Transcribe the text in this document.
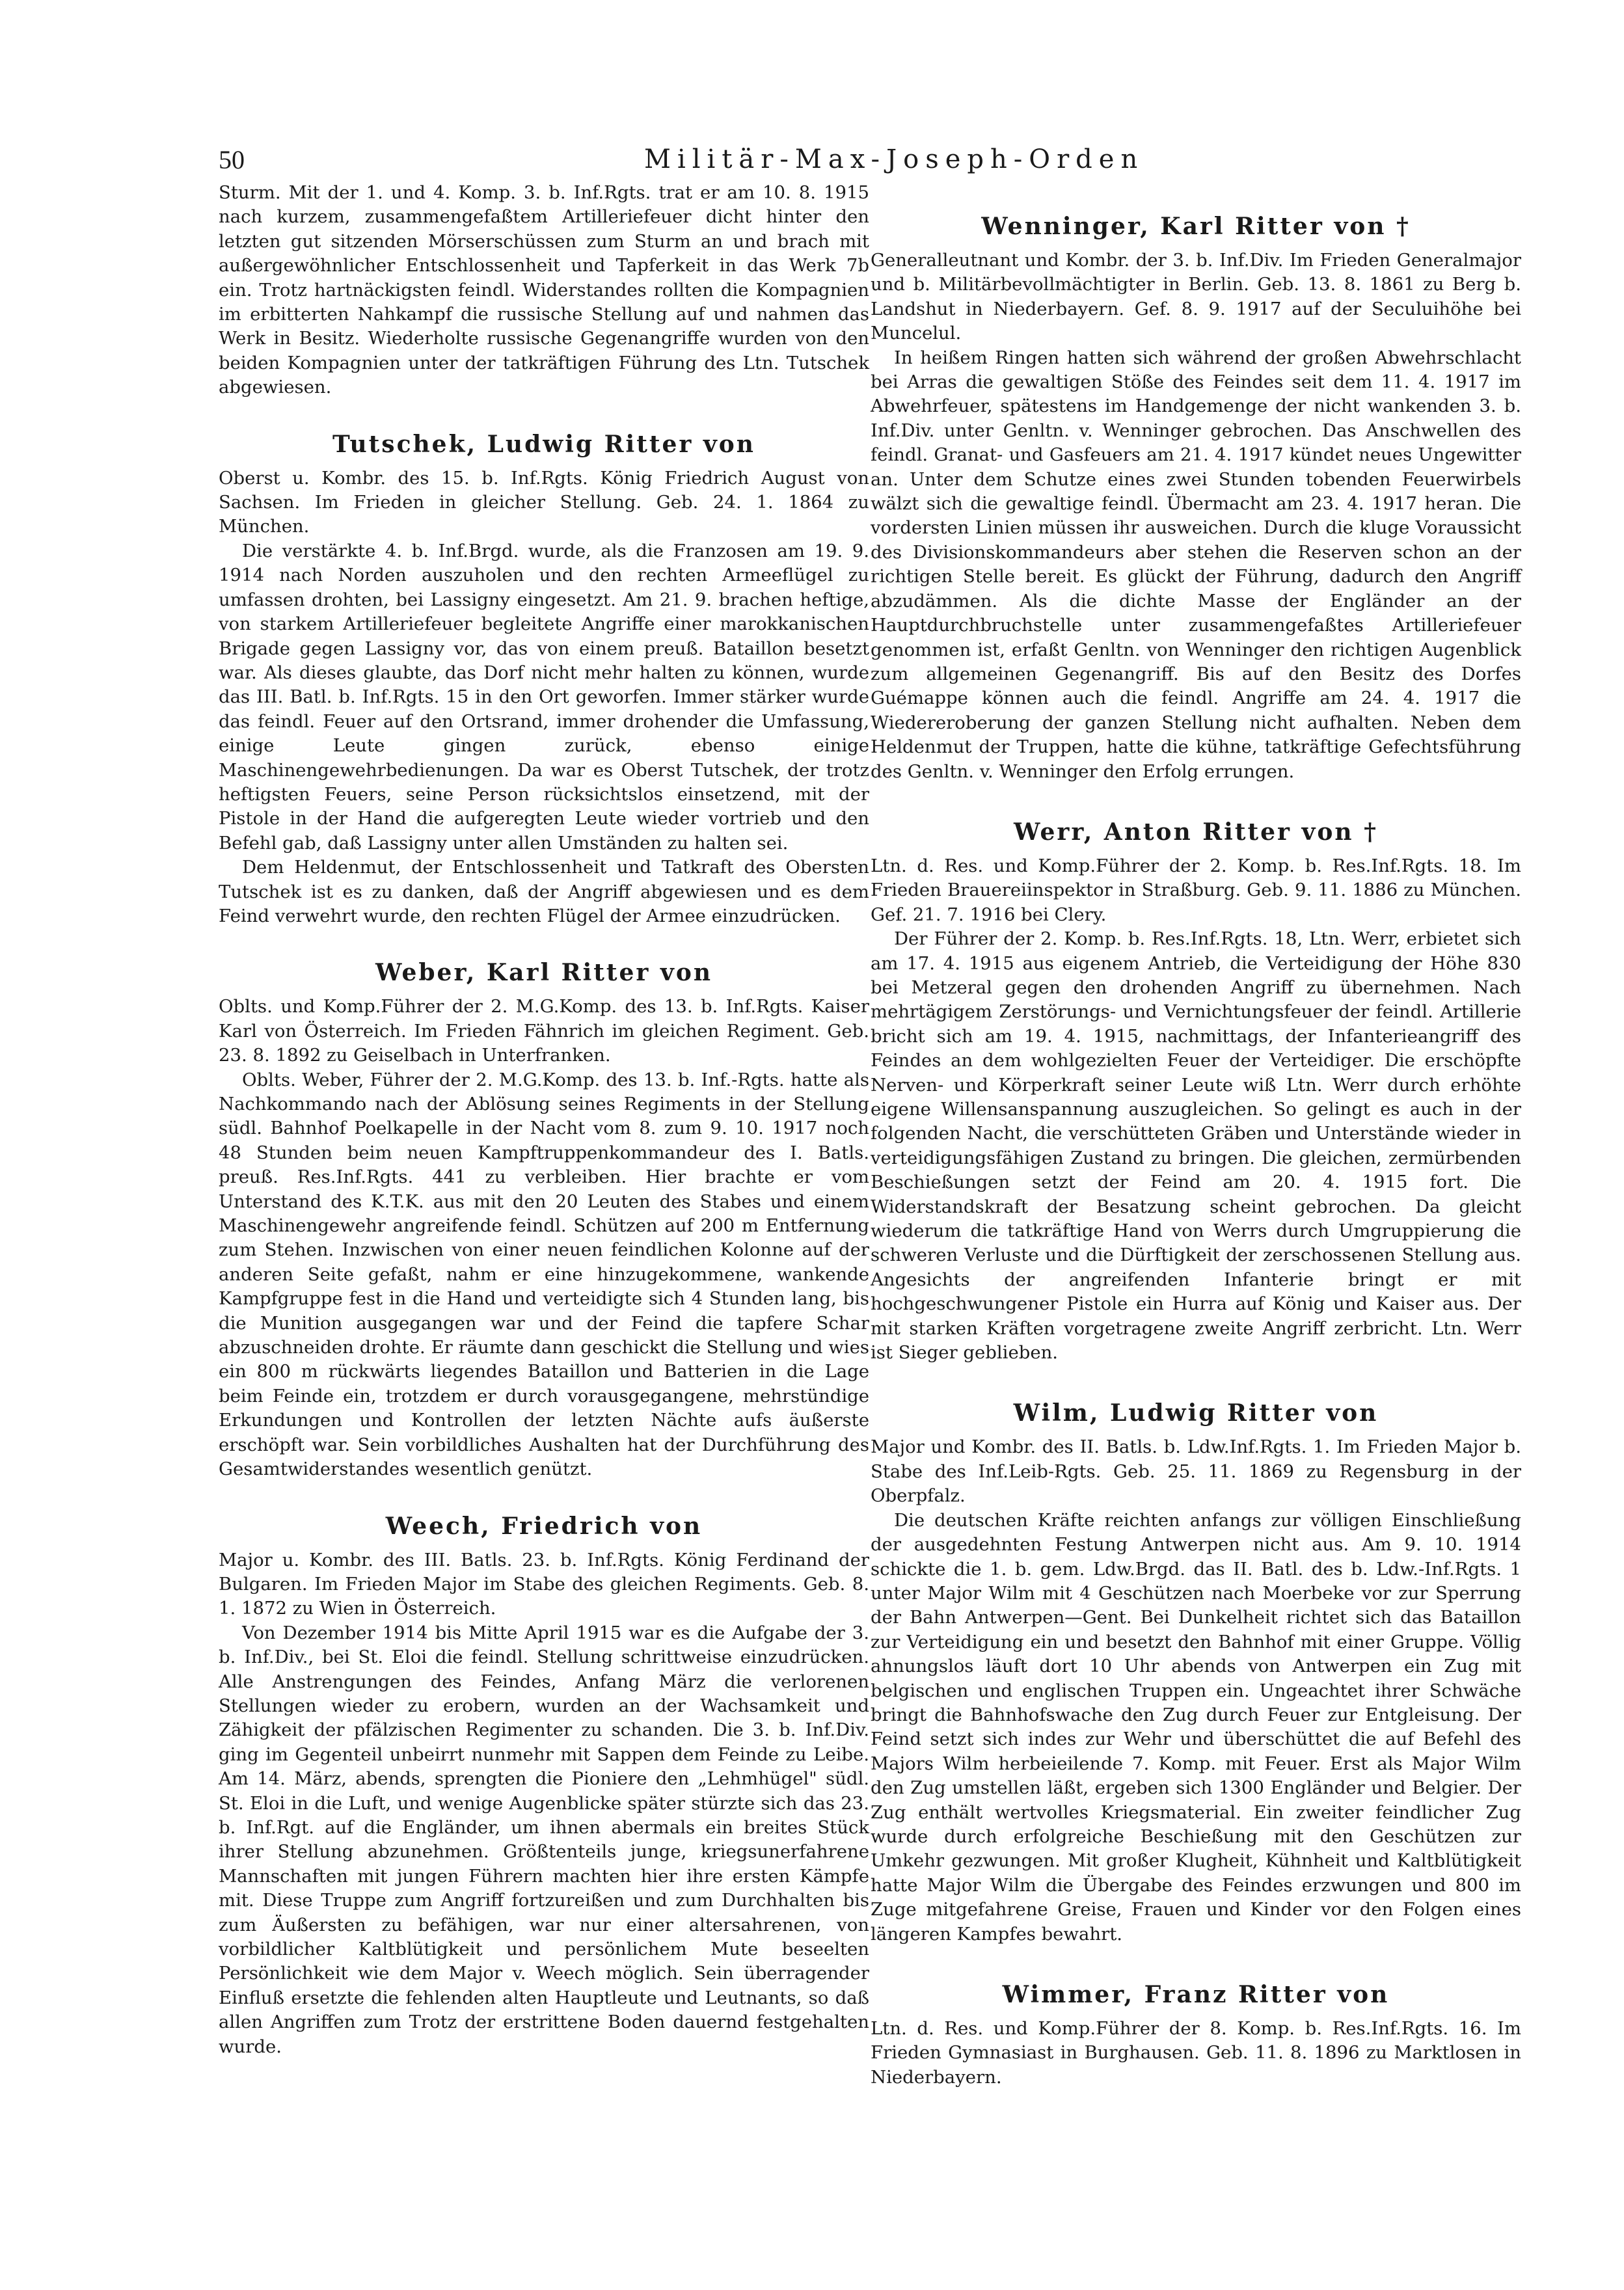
50	Militär-Max-Joseph-Orden

Sturm. Mit der 1. und 4. Komp. 3. b. Inf.Rgts. trat er am 10. 8. 1915 nach kurzem, zusammengefaßtem Artilleriefeuer dicht hinter den letzten gut sitzenden Mörserschüssen zum Sturm an und brach mit außergewöhnlicher Entschlossenheit und Tapferkeit in das Werk 7b ein. Trotz hartnäckigsten feindl. Widerstandes rollten die Kompagnien im erbitterten Nahkampf die russische Stellung auf und nahmen das Werk in Besitz. Wiederholte russische Gegenangriffe wurden von den beiden Kompagnien unter der tatkräftigen Führung des Ltn. Tutschek abgewiesen.

Tutschek, Ludwig Ritter von

Oberst u. Kombr. des 15. b. Inf.Rgts. König Friedrich August von Sachsen. Im Frieden in gleicher Stellung. Geb. 24. 1. 1864 zu München.

Die verstärkte 4. b. Inf.Brgd. wurde, als die Franzosen am 19. 9. 1914 nach Norden auszuholen und den rechten Armeeflügel zu umfassen drohten, bei Lassigny eingesetzt. Am 21. 9. brachen heftige, von starkem Artilleriefeuer begleitete Angriffe einer marokkanischen Brigade gegen Lassigny vor, das von einem preuß. Bataillon besetzt war. Als dieses glaubte, das Dorf nicht mehr halten zu können, wurde das III. Batl. b. Inf.Rgts. 15 in den Ort geworfen. Immer stärker wurde das feindl. Feuer auf den Ortsrand, immer drohender die Umfassung, einige Leute gingen zurück, ebenso einige Maschinengewehrbedienungen. Da war es Oberst Tutschek, der trotz heftigsten Feuers, seine Person rücksichtslos einsetzend, mit der Pistole in der Hand die aufgeregten Leute wieder vortrieb und den Befehl gab, daß Lassigny unter allen Umständen zu halten sei.

Dem Heldenmut, der Entschlossenheit und Tatkraft des Obersten Tutschek ist es zu danken, daß der Angriff abgewiesen und es dem Feind verwehrt wurde, den rechten Flügel der Armee einzudrücken.

Weber, Karl Ritter von

Oblts. und Komp.Führer der 2. M.G.Komp. des 13. b. Inf.Rgts. Kaiser Karl von Österreich. Im Frieden Fähnrich im gleichen Regiment. Geb. 23. 8. 1892 zu Geiselbach in Unterfranken.

Oblts. Weber, Führer der 2. M.G.Komp. des 13. b. Inf.-Rgts. hatte als Nachkommando nach der Ablösung seines Regiments in der Stellung südl. Bahnhof Poelkapelle in der Nacht vom 8. zum 9. 10. 1917 noch 48 Stunden beim neuen Kampftruppenkommandeur des I. Batls. preuß. Res.Inf.Rgts. 441 zu verbleiben. Hier brachte er vom Unterstand des K.T.K. aus mit den 20 Leuten des Stabes und einem Maschinengewehr angreifende feindl. Schützen auf 200 m Entfernung zum Stehen. Inzwischen von einer neuen feindlichen Kolonne auf der anderen Seite gefaßt, nahm er eine hinzugekommene, wankende Kampfgruppe fest in die Hand und verteidigte sich 4 Stunden lang, bis die Munition ausgegangen war und der Feind die tapfere Schar abzuschneiden drohte. Er räumte dann geschickt die Stellung und wies ein 800 m rückwärts liegendes Bataillon und Batterien in die Lage beim Feinde ein, trotzdem er durch vorausgegangene, mehrstündige Erkundungen und Kontrollen der letzten Nächte aufs äußerste erschöpft war. Sein vorbildliches Aushalten hat der Durchführung des Gesamtwiderstandes wesentlich genützt.

Weech, Friedrich von

Major u. Kombr. des III. Batls. 23. b. Inf.Rgts. König Ferdinand der Bulgaren. Im Frieden Major im Stabe des gleichen Regiments. Geb. 8. 1. 1872 zu Wien in Österreich.

Von Dezember 1914 bis Mitte April 1915 war es die Aufgabe der 3. b. Inf.Div., bei St. Eloi die feindl. Stellung schrittweise einzudrücken. Alle Anstrengungen des Feindes, Anfang März die verlorenen Stellungen wieder zu erobern, wurden an der Wachsamkeit und Zähigkeit der pfälzischen Regimenter zu schanden. Die 3. b. Inf.Div. ging im Gegenteil unbeirrt nunmehr mit Sappen dem Feinde zu Leibe. Am 14. März, abends, sprengten die Pioniere den „Lehmhügel" südl. St. Eloi in die Luft, und wenige Augenblicke später stürzte sich das 23. b. Inf.Rgt. auf die Engländer, um ihnen abermals ein breites Stück ihrer Stellung abzunehmen. Größtenteils junge, kriegsunerfahrene Mannschaften mit jungen Führern machten hier ihre ersten Kämpfe mit. Diese Truppe zum Angriff fortzureißen und zum Durchhalten bis zum Äußersten zu befähigen, war nur einer altersahrenen, von vorbildlicher Kaltblütigkeit und persönlichem Mute beseelten Persönlichkeit wie dem Major v. Weech möglich. Sein überragender Einfluß ersetzte die fehlenden alten Hauptleute und Leutnants, so daß allen Angriffen zum Trotz der erstrittene Boden dauernd festgehalten wurde.

Wenninger, Karl Ritter von †

Generalleutnant und Kombr. der 3. b. Inf.Div. Im Frieden Generalmajor und b. Militärbevollmächtigter in Berlin. Geb. 13. 8. 1861 zu Berg b. Landshut in Niederbayern. Gef. 8. 9. 1917 auf der Seculuihöhe bei Muncelul.

In heißem Ringen hatten sich während der großen Abwehrschlacht bei Arras die gewaltigen Stöße des Feindes seit dem 11. 4. 1917 im Abwehrfeuer, spätestens im Handgemenge der nicht wankenden 3. b. Inf.Div. unter Genltn. v. Wenninger gebrochen. Das Anschwellen des feindl. Granat- und Gasfeuers am 21. 4. 1917 kündet neues Ungewitter an. Unter dem Schutze eines zwei Stunden tobenden Feuerwirbels wälzt sich die gewaltige feindl. Übermacht am 23. 4. 1917 heran. Die vordersten Linien müssen ihr ausweichen. Durch die kluge Voraussicht des Divisionskommandeurs aber stehen die Reserven schon an der richtigen Stelle bereit. Es glückt der Führung, dadurch den Angriff abzudämmen. Als die dichte Masse der Engländer an der Hauptdurchbruchstelle unter zusammengefaßtes Artilleriefeuer genommen ist, erfaßt Genltn. von Wenninger den richtigen Augenblick zum allgemeinen Gegenangriff. Bis auf den Besitz des Dorfes Guémappe können auch die feindl. Angriffe am 24. 4. 1917 die Wiedereroberung der ganzen Stellung nicht aufhalten. Neben dem Heldenmut der Truppen, hatte die kühne, tatkräftige Gefechtsführung des Genltn. v. Wenninger den Erfolg errungen.

Werr, Anton Ritter von †

Ltn. d. Res. und Komp.Führer der 2. Komp. b. Res.Inf.Rgts. 18. Im Frieden Brauereiinspektor in Straßburg. Geb. 9. 11. 1886 zu München. Gef. 21. 7. 1916 bei Clery.

Der Führer der 2. Komp. b. Res.Inf.Rgts. 18, Ltn. Werr, erbietet sich am 17. 4. 1915 aus eigenem Antrieb, die Verteidigung der Höhe 830 bei Metzeral gegen den drohenden Angriff zu übernehmen. Nach mehrtägigem Zerstörungs- und Vernichtungsfeuer der feindl. Artillerie bricht sich am 19. 4. 1915, nachmittags, der Infanterieangriff des Feindes an dem wohlgezielten Feuer der Verteidiger. Die erschöpfte Nerven- und Körperkraft seiner Leute wiß Ltn. Werr durch erhöhte eigene Willensanspannung auszugleichen. So gelingt es auch in der folgenden Nacht, die verschütteten Gräben und Unterstände wieder in verteidigungsfähigen Zustand zu bringen. Die gleichen, zermürbenden Beschießungen setzt der Feind am 20. 4. 1915 fort. Die Widerstandskraft der Besatzung scheint gebrochen. Da gleicht wiederum die tatkräftige Hand von Werrs durch Umgruppierung die schweren Verluste und die Dürftigkeit der zerschossenen Stellung aus. Angesichts der angreifenden Infanterie bringt er mit hochgeschwungener Pistole ein Hurra auf König und Kaiser aus. Der mit starken Kräften vorgetragene zweite Angriff zerbricht. Ltn. Werr ist Sieger geblieben.

Wilm, Ludwig Ritter von

Major und Kombr. des II. Batls. b. Ldw.Inf.Rgts. 1. Im Frieden Major b. Stabe des Inf.Leib-Rgts. Geb. 25. 11. 1869 zu Regensburg in der Oberpfalz.

Die deutschen Kräfte reichten anfangs zur völligen Einschließung der ausgedehnten Festung Antwerpen nicht aus. Am 9. 10. 1914 schickte die 1. b. gem. Ldw.Brgd. das II. Batl. des b. Ldw.-Inf.Rgts. 1 unter Major Wilm mit 4 Geschützen nach Moerbeke vor zur Sperrung der Bahn Antwerpen—Gent. Bei Dunkelheit richtet sich das Bataillon zur Verteidigung ein und besetzt den Bahnhof mit einer Gruppe. Völlig ahnungslos läuft dort 10 Uhr abends von Antwerpen ein Zug mit belgischen und englischen Truppen ein. Ungeachtet ihrer Schwäche bringt die Bahnhofswache den Zug durch Feuer zur Entgleisung. Der Feind setzt sich indes zur Wehr und überschüttet die auf Befehl des Majors Wilm herbeieilende 7. Komp. mit Feuer. Erst als Major Wilm den Zug umstellen läßt, ergeben sich 1300 Engländer und Belgier. Der Zug enthält wertvolles Kriegsmaterial. Ein zweiter feindlicher Zug wurde durch erfolgreiche Beschießung mit den Geschützen zur Umkehr gezwungen. Mit großer Klugheit, Kühnheit und Kaltblütigkeit hatte Major Wilm die Übergabe des Feindes erzwungen und 800 im Zuge mitgefahrene Greise, Frauen und Kinder vor den Folgen eines längeren Kampfes bewahrt.

Wimmer, Franz Ritter von

Ltn. d. Res. und Komp.Führer der 8. Komp. b. Res.Inf.Rgts. 16. Im Frieden Gymnasiast in Burghausen. Geb. 11. 8. 1896 zu Marktlosen in Niederbayern.
